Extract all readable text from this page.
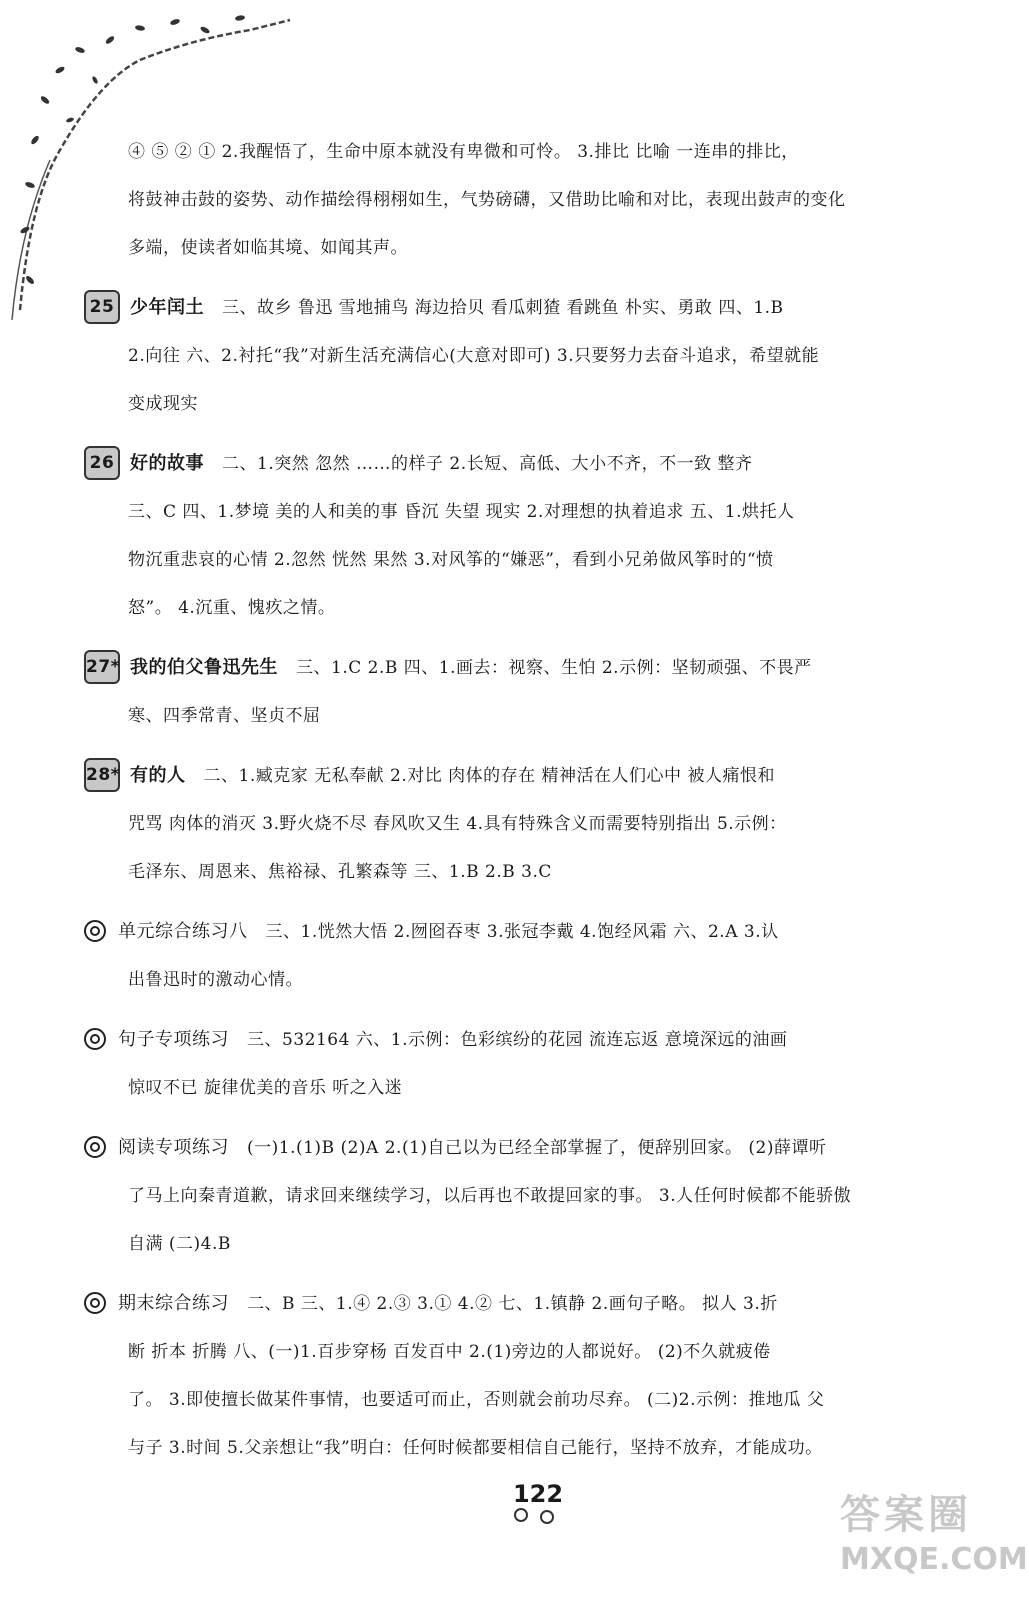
④ ⑤ ② ① 2.我醒悟了，生命中原本就没有卑微和可怜。 3.排比 比喻 一连串的排比，
将鼓神击鼓的姿势、动作描绘得栩栩如生，气势磅礴，又借助比喻和对比，表现出鼓声的变化
多端，使读者如临其境、如闻其声。
25 少年闰土 三、故乡 鲁迅 雪地捕鸟 海边拾贝 看瓜刺猹 看跳鱼 朴实、勇敢 四、1.B
2.向往 六、2.衬托“我”对新生活充满信心(大意对即可) 3.只要努力去奋斗追求，希望就能
变成现实
26 好的故事 二、1.突然 忽然 ……的样子 2.长短、高低、大小不齐，不一致 整齐
三、C 四、1.梦境 美的人和美的事 昏沉 失望 现实 2.对理想的执着追求 五、1.烘托人
物沉重悲哀的心情 2.忽然 恍然 果然 3.对风筝的“嫌恶”，看到小兄弟做风筝时的“愤
怒”。 4.沉重、愧疚之情。
27* 我的伯父鲁迅先生 三、1.C 2.B 四、1.画去：视察、生怕 2.示例：坚韧顽强、不畏严
寒、四季常青、坚贞不屈
28* 有的人 二、1.臧克家 无私奉献 2.对比 肉体的存在 精神活在人们心中 被人痛恨和
咒骂 肉体的消灭 3.野火烧不尽 春风吹又生 4.具有特殊含义而需要特别指出 5.示例：
毛泽东、周恩来、焦裕禄、孔繁森等 三、1.B 2.B 3.C
单元综合练习八 三、1.恍然大悟 2.囫囵吞枣 3.张冠李戴 4.饱经风霜 六、2.A 3.认
出鲁迅时的激动心情。
句子专项练习 三、532164 六、1.示例：色彩缤纷的花园 流连忘返 意境深远的油画
惊叹不已 旋律优美的音乐 听之入迷
阅读专项练习 (一)1.(1)B (2)A 2.(1)自己以为已经全部掌握了，便辞别回家。 (2)薛谭听
了马上向秦青道歉，请求回来继续学习，以后再也不敢提回家的事。 3.人任何时候都不能骄傲
自满 (二)4.B
期末综合练习 二、B 三、1.④ 2.③ 3.① 4.② 七、1.镇静 2.画句子略。 拟人 3.折
断 折本 折腾 八、(一)1.百步穿杨 百发百中 2.(1)旁边的人都说好。 (2)不久就疲倦
了。 3.即使擅长做某件事情，也要适可而止，否则就会前功尽弃。 (二)2.示例：推地瓜 父
与子 3.时间 5.父亲想让“我”明白：任何时候都要相信自己能行，坚持不放弃，才能成功。
122	答案圈
MXQE.COM
